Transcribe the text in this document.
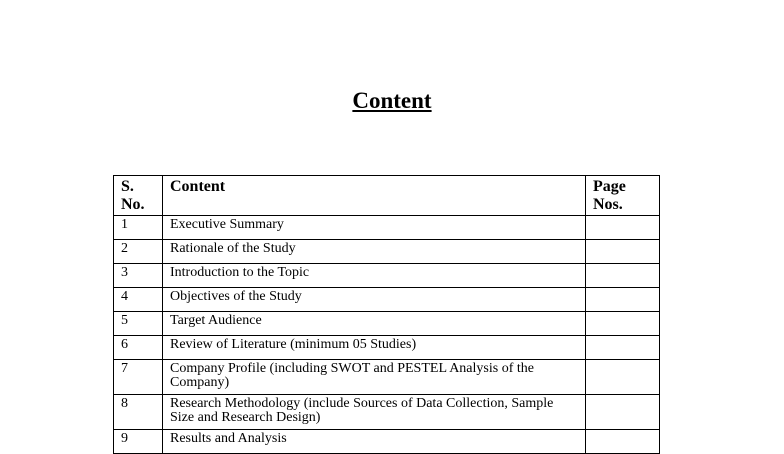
Content
S. No.	Content	Page Nos.
1	Executive Summary	
2	Rationale of the Study	
3	Introduction to the Topic	
4	Objectives of the Study	
5	Target Audience	
6	Review of Literature (minimum 05 Studies)	
7	Company Profile (including SWOT and PESTEL Analysis of the Company)	
8	Research Methodology (include Sources of Data Collection, Sample Size and Research Design)	
9	Results and Analysis	
